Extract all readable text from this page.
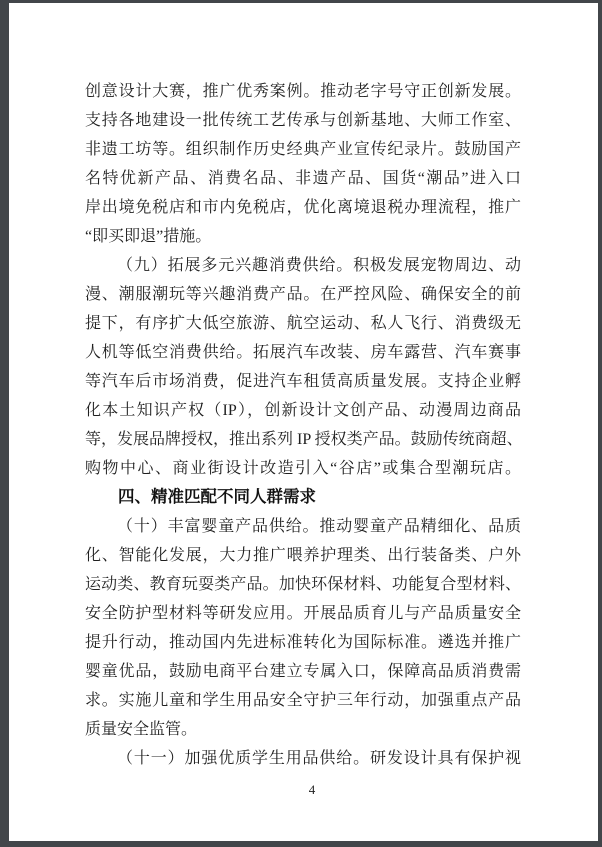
创意设计大赛，推广优秀案例。推动老字号守正创新发展。
支持各地建设一批传统工艺传承与创新基地、大师工作室、
非遗工坊等。组织制作历史经典产业宣传纪录片。鼓励国产
名特优新产品、消费名品、非遗产品、国货“潮品”进入口
岸出境免税店和市内免税店，优化离境退税办理流程，推广
“即买即退”措施。
（九）拓展多元兴趣消费供给。积极发展宠物周边、动
漫、潮服潮玩等兴趣消费产品。在严控风险、确保安全的前
提下，有序扩大低空旅游、航空运动、私人飞行、消费级无
人机等低空消费供给。拓展汽车改装、房车露营、汽车赛事
等汽车后市场消费，促进汽车租赁高质量发展。支持企业孵
化本土知识产权（IP），创新设计文创产品、动漫周边商品
等，发展品牌授权，推出系列 IP 授权类产品。鼓励传统商超、
购物中心、商业街设计改造引入“谷店”或集合型潮玩店。
四、精准匹配不同人群需求
（十）丰富婴童产品供给。推动婴童产品精细化、品质
化、智能化发展，大力推广喂养护理类、出行装备类、户外
运动类、教育玩耍类产品。加快环保材料、功能复合型材料、
安全防护型材料等研发应用。开展品质育儿与产品质量安全
提升行动，推动国内先进标准转化为国际标准。遴选并推广
婴童优品，鼓励电商平台建立专属入口，保障高品质消费需
求。实施儿童和学生用品安全守护三年行动，加强重点产品
质量安全监管。
（十一）加强优质学生用品供给。研发设计具有保护视
4
